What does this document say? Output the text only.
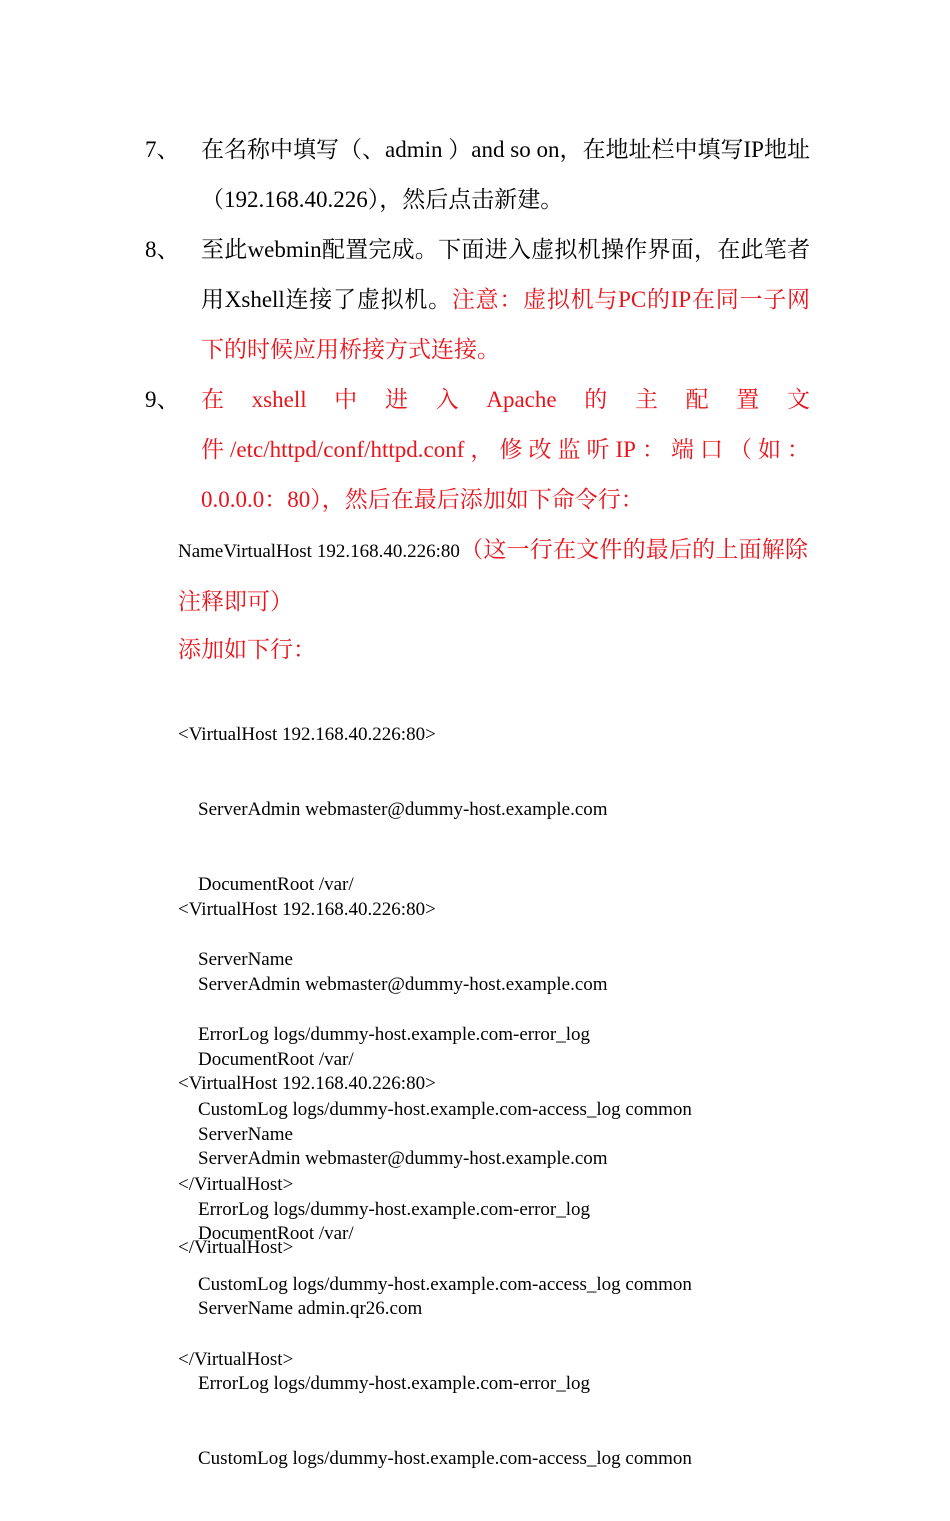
7、 在名称中填写（、admin ）and so on，在地址栏中填写IP地址（192.168.40.226），然后点击新建。
8、 至此webmin配置完成。下面进入虚拟机操作界面，在此笔者用Xshell连接了虚拟机。注意：虚拟机与PC的IP在同一子网下的时候应用桥接方式连接。
9、 在xshell中进入Apache的主配置文件/etc/httpd/conf/httpd.conf，修改监听IP：端口（如：0.0.0.0：80），然后在最后添加如下命令行：
NameVirtualHost 192.168.40.226:80（这一行在文件的最后的上面解除注释即可）
添加如下行：

<VirtualHost 192.168.40.226:80>

ServerAdmin webmaster@dummy-host.example.com

DocumentRoot /var/

ServerName

ErrorLog logs/dummy-host.example.com-error_log

CustomLog logs/dummy-host.example.com-access_log common

</VirtualHost>

<VirtualHost 192.168.40.226:80>

ServerAdmin webmaster@dummy-host.example.com

DocumentRoot /var/

ServerName

ErrorLog logs/dummy-host.example.com-error_log

CustomLog logs/dummy-host.example.com-access_log common

</VirtualHost>

<VirtualHost 192.168.40.226:80>

ServerAdmin webmaster@dummy-host.example.com

DocumentRoot /var/

ServerName admin.qr26.com

ErrorLog logs/dummy-host.example.com-error_log

CustomLog logs/dummy-host.example.com-access_log common

</VirtualHost>
